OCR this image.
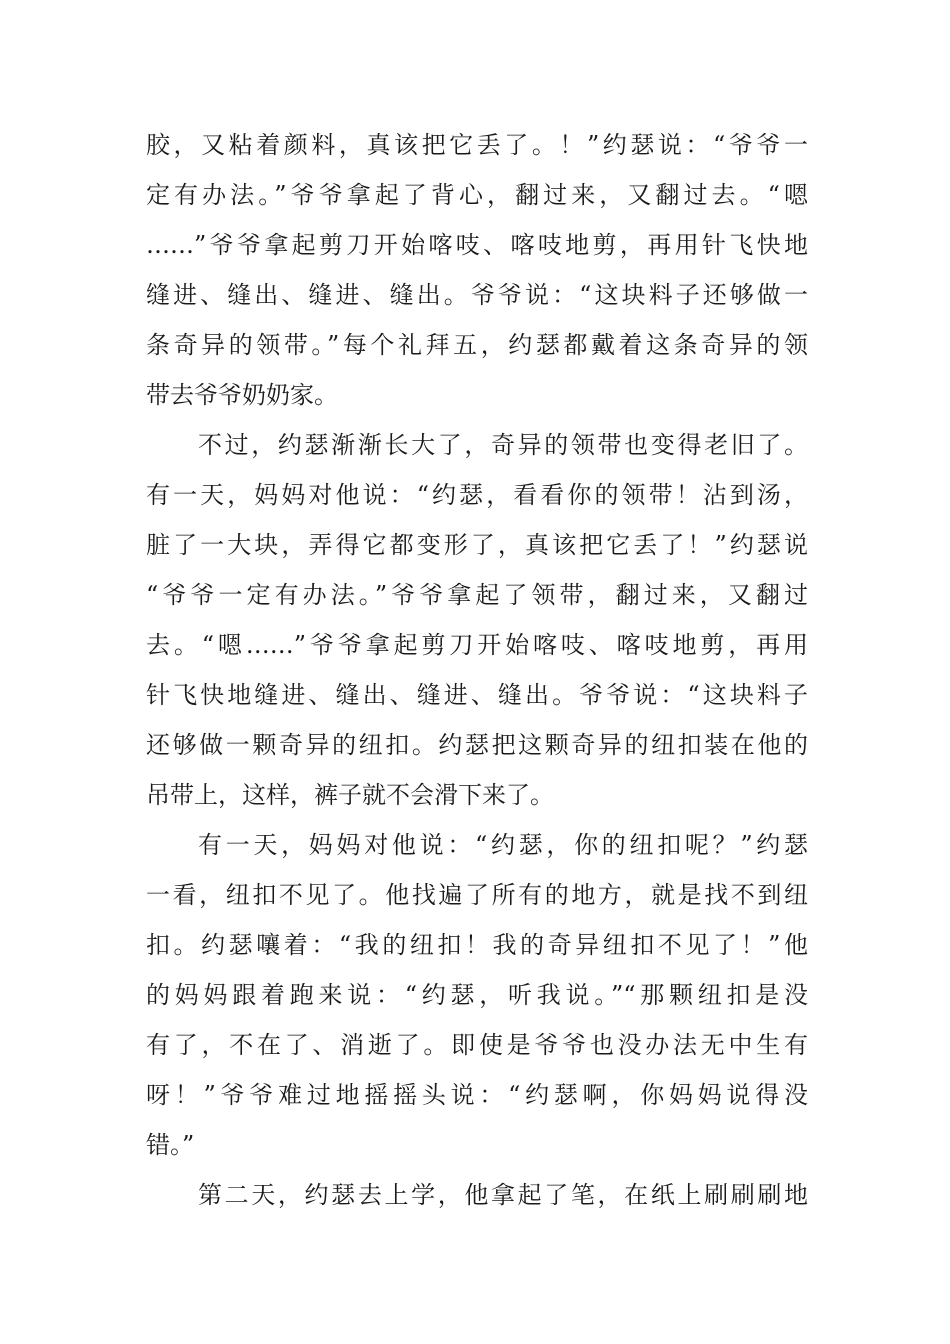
胶，又粘着颜料，真该把它丢了。！”约瑟说：“爷爷一
定有办法。”爷爷拿起了背心，翻过来，又翻过去。“嗯
……”爷爷拿起剪刀开始喀吱、喀吱地剪，再用针飞快地
缝进、缝出、缝进、缝出。爷爷说：“这块料子还够做一
条奇异的领带。”每个礼拜五，约瑟都戴着这条奇异的领
带去爷爷奶奶家。
不过，约瑟渐渐长大了，奇异的领带也变得老旧了。
有一天，妈妈对他说：“约瑟，看看你的领带！沾到汤，
脏了一大块，弄得它都变形了，真该把它丢了！”约瑟说
“爷爷一定有办法。”爷爷拿起了领带，翻过来，又翻过
去。“嗯……”爷爷拿起剪刀开始喀吱、喀吱地剪，再用
针飞快地缝进、缝出、缝进、缝出。爷爷说：“这块料子
还够做一颗奇异的纽扣。约瑟把这颗奇异的纽扣装在他的
吊带上，这样，裤子就不会滑下来了。
有一天，妈妈对他说：“约瑟，你的纽扣呢？”约瑟
一看，纽扣不见了。他找遍了所有的地方，就是找不到纽
扣。约瑟嚷着：“我的纽扣！我的奇异纽扣不见了！”他
的妈妈跟着跑来说：“约瑟，听我说。”“那颗纽扣是没
有了，不在了、消逝了。即使是爷爷也没办法无中生有
呀！”爷爷难过地摇摇头说：“约瑟啊，你妈妈说得没
错。”
第二天，约瑟去上学，他拿起了笔，在纸上刷刷刷地
